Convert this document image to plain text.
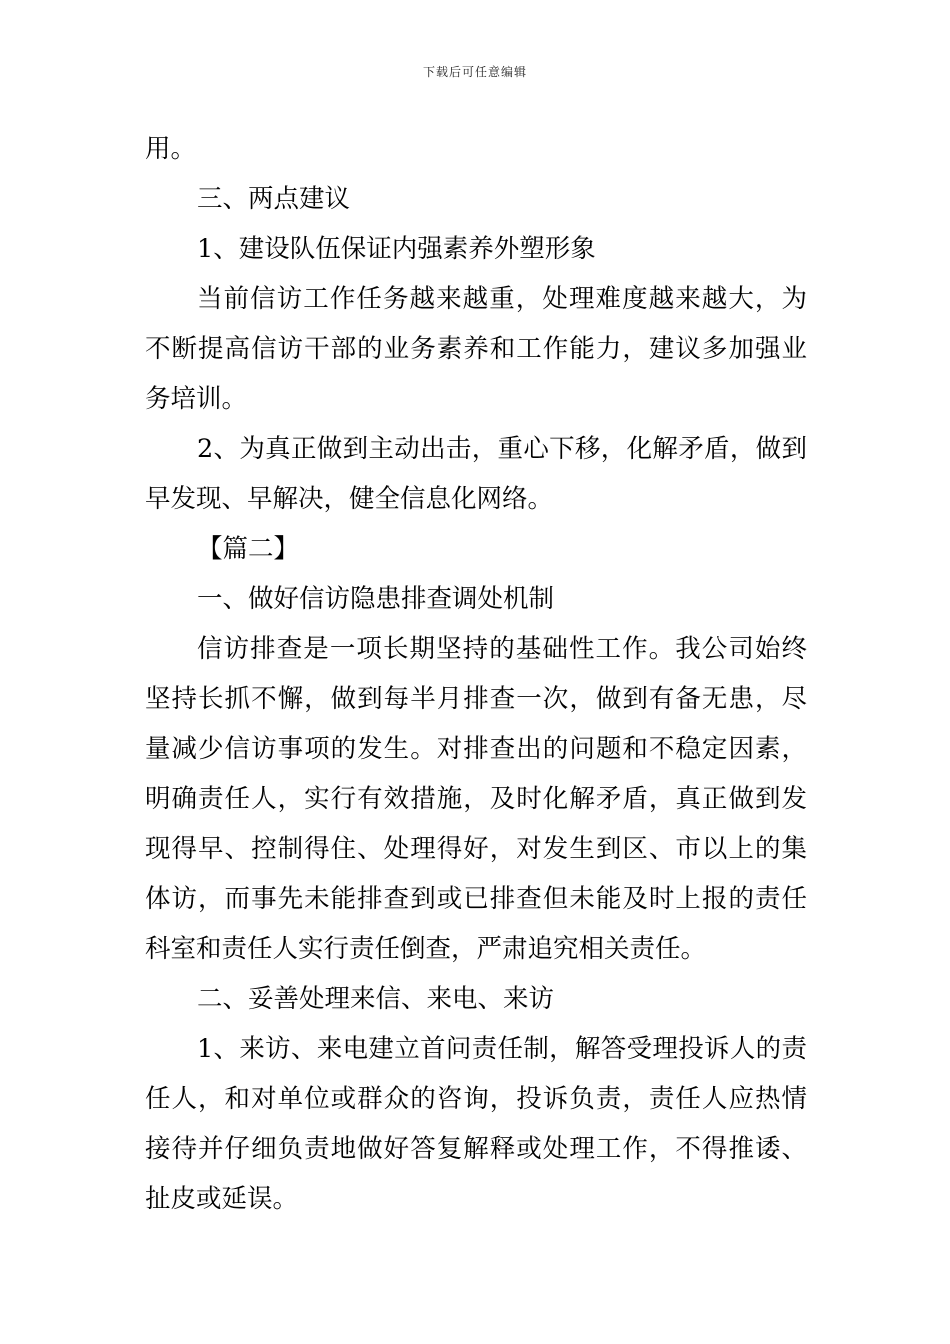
下载后可任意编辑
用。
三、两点建议
1、建设队伍保证内强素养外塑形象
当前信访工作任务越来越重，处理难度越来越大，为
不断提高信访干部的业务素养和工作能力，建议多加强业
务培训。
2、为真正做到主动出击，重心下移，化解矛盾，做到
早发现、早解决，健全信息化网络。
【篇二】
一、做好信访隐患排查调处机制
信访排查是一项长期坚持的基础性工作。我公司始终
坚持长抓不懈，做到每半月排查一次，做到有备无患，尽
量减少信访事项的发生。对排查出的问题和不稳定因素，
明确责任人，实行有效措施，及时化解矛盾，真正做到发
现得早、控制得住、处理得好，对发生到区、市以上的集
体访，而事先未能排查到或已排查但未能及时上报的责任
科室和责任人实行责任倒查，严肃追究相关责任。
二、妥善处理来信、来电、来访
1、来访、来电建立首问责任制，解答受理投诉人的责
任人，和对单位或群众的咨询，投诉负责，责任人应热情
接待并仔细负责地做好答复解释或处理工作，不得推诿、
扯皮或延误。
